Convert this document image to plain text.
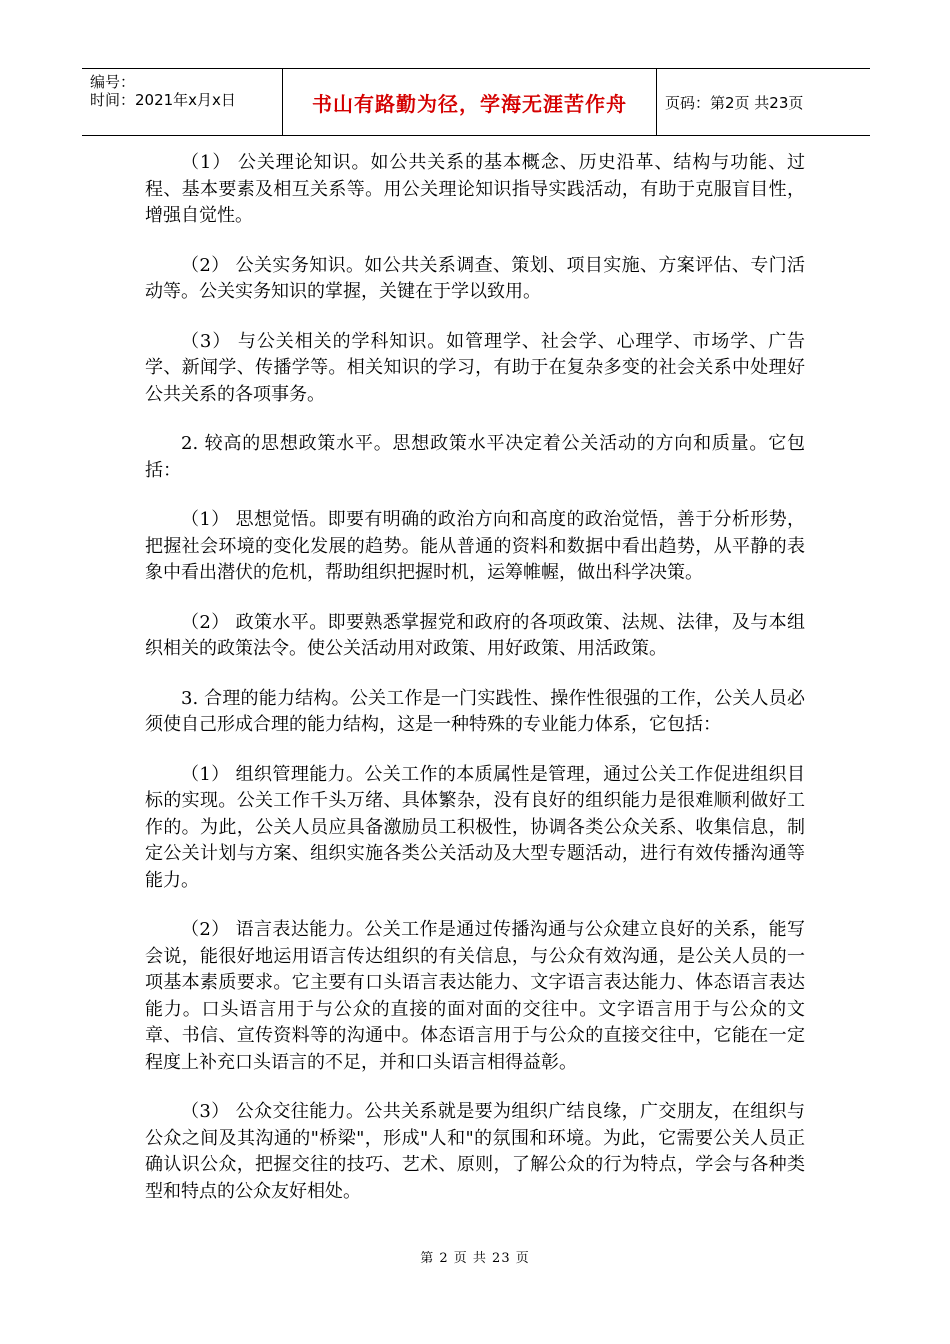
编号：
时间：2021年x月x日	书山有路勤为径，学海无涯苦作舟	页码：第2页 共23页

（1） 公关理论知识。如公共关系的基本概念、历史沿革、结构与功能、过程、基本要素及相互关系等。用公关理论知识指导实践活动，有助于克服盲目性，增强自觉性。

（2） 公关实务知识。如公共关系调查、策划、项目实施、方案评估、专门活动等。公关实务知识的掌握，关键在于学以致用。

（3） 与公关相关的学科知识。如管理学、社会学、心理学、市场学、广告学、新闻学、传播学等。相关知识的学习，有助于在复杂多变的社会关系中处理好公共关系的各项事务。

2. 较高的思想政策水平。思想政策水平决定着公关活动的方向和质量。它包括：

（1） 思想觉悟。即要有明确的政治方向和高度的政治觉悟，善于分析形势，把握社会环境的变化发展的趋势。能从普通的资料和数据中看出趋势，从平静的表象中看出潜伏的危机，帮助组织把握时机，运筹帷幄，做出科学决策。

（2） 政策水平。即要熟悉掌握党和政府的各项政策、法规、法律，及与本组织相关的政策法令。使公关活动用对政策、用好政策、用活政策。

3. 合理的能力结构。公关工作是一门实践性、操作性很强的工作，公关人员必须使自己形成合理的能力结构，这是一种特殊的专业能力体系，它包括：

（1） 组织管理能力。公关工作的本质属性是管理，通过公关工作促进组织目标的实现。公关工作千头万绪、具体繁杂，没有良好的组织能力是很难顺利做好工作的。为此，公关人员应具备激励员工积极性，协调各类公众关系、收集信息，制定公关计划与方案、组织实施各类公关活动及大型专题活动，进行有效传播沟通等能力。

（2） 语言表达能力。公关工作是通过传播沟通与公众建立良好的关系，能写会说，能很好地运用语言传达组织的有关信息，与公众有效沟通，是公关人员的一项基本素质要求。它主要有口头语言表达能力、文字语言表达能力、体态语言表达能力。口头语言用于与公众的直接的面对面的交往中。文字语言用于与公众的文章、书信、宣传资料等的沟通中。体态语言用于与公众的直接交往中，它能在一定程度上补充口头语言的不足，并和口头语言相得益彰。

（3） 公众交往能力。公共关系就是要为组织广结良缘，广交朋友，在组织与公众之间及其沟通的"桥梁"，形成"人和"的氛围和环境。为此，它需要公关人员正确认识公众，把握交往的技巧、艺术、原则，了解公众的行为特点，学会与各种类型和特点的公众友好相处。

第 2 页 共 23 页
